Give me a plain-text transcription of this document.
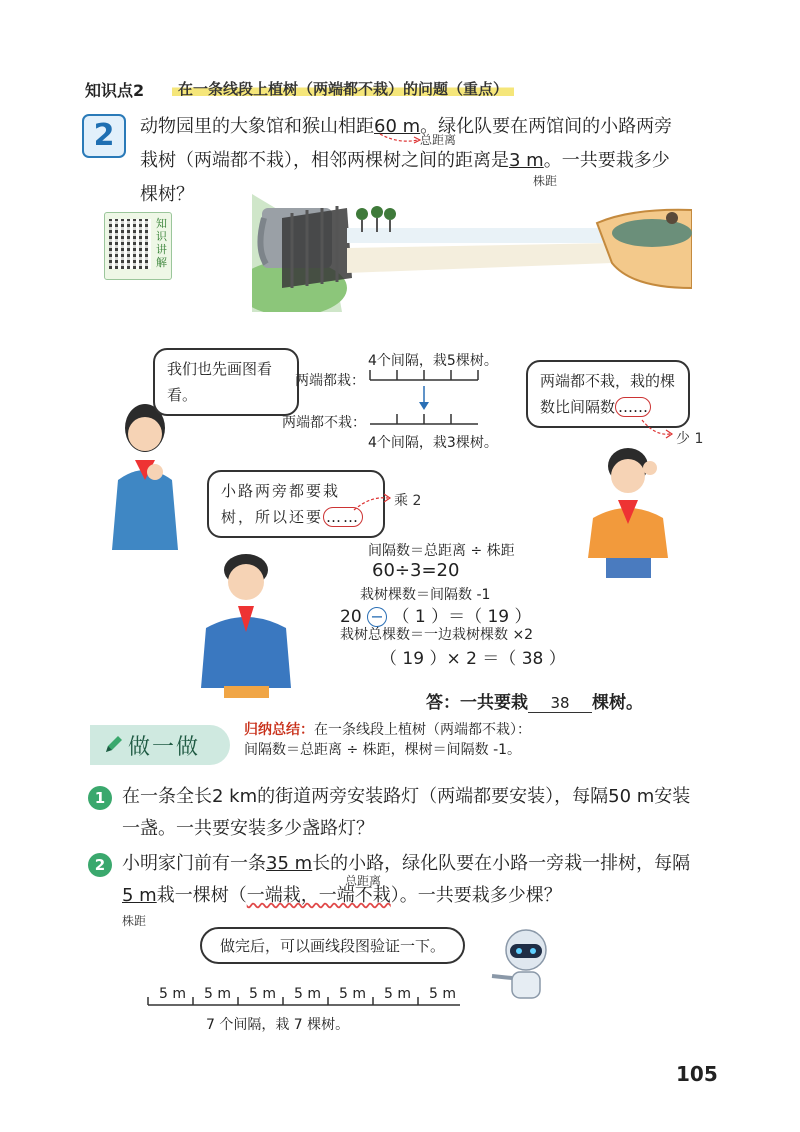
知识点2	在一条线段上植树（两端都不栽）的问题（重点）
2	动物园里的大象馆和猴山相距60 m。绿化队要在两馆间的小路两旁
栽树（两端都不栽），相邻两棵树之间的距离是3 m。一共要栽多少
棵树？
总距离
株距
知识讲解
我们也先画图看看。
4个间隔，栽5棵树。
两端都栽：
两端都不栽：
4个间隔，栽3棵树。
两端都不栽，栽的棵数比间隔数 ……
少 1
小路两旁都要栽树，所以还要 ……
乘 2
间隔数＝总距离 ÷ 株距
60÷3=20
栽树棵数＝间隔数 -1
20 − （ 1 ）＝（ 19 ）
栽树总棵数＝一边栽树棵数 ×2
（ 19 ）× 2 ＝（ 38 ）
答：一共要栽 38 棵树。
做一做
归纳总结：在一条线段上植树（两端都不栽）：
间隔数＝总距离 ÷ 株距，棵树＝间隔数 -1。
1 在一条全长2 km的街道两旁安装路灯（两端都要安装），每隔50 m安装
一盏。一共要安装多少盏路灯？
2 小明家门前有一条35 m长的小路，绿化队要在小路一旁栽一排树，每隔
5 m栽一棵树（一端栽，一端不栽）。一共要栽多少棵？
总距离
株距
做完后，可以画线段图验证一下。
5 m 5 m 5 m 5 m 5 m 5 m 5 m
7 个间隔，栽 7 棵树。
105
